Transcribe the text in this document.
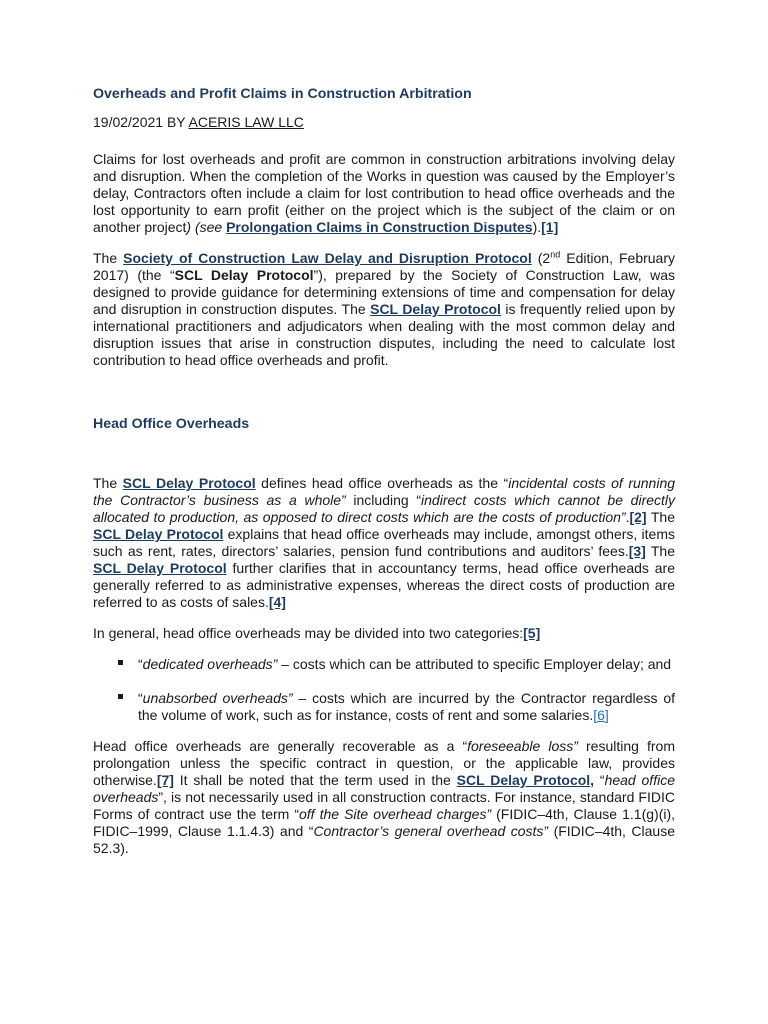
Overheads and Profit Claims in Construction Arbitration
19/02/2021 BY ACERIS LAW LLC

Claims for lost overheads and profit are common in construction arbitrations involving delay and disruption. When the completion of the Works in question was caused by the Employer’s delay, Contractors often include a claim for lost contribution to head office overheads and the lost opportunity to earn profit (either on the project which is the subject of the claim or on another project) (see Prolongation Claims in Construction Disputes).[1]

The Society of Construction Law Delay and Disruption Protocol (2nd Edition, February 2017) (the “SCL Delay Protocol”), prepared by the Society of Construction Law, was designed to provide guidance for determining extensions of time and compensation for delay and disruption in construction disputes. The SCL Delay Protocol is frequently relied upon by international practitioners and adjudicators when dealing with the most common delay and disruption issues that arise in construction disputes, including the need to calculate lost contribution to head office overheads and profit.

Head Office Overheads

The SCL Delay Protocol defines head office overheads as the “incidental costs of running the Contractor’s business as a whole” including “indirect costs which cannot be directly allocated to production, as opposed to direct costs which are the costs of production”.[2] The SCL Delay Protocol explains that head office overheads may include, amongst others, items such as rent, rates, directors’ salaries, pension fund contributions and auditors’ fees.[3] The SCL Delay Protocol further clarifies that in accountancy terms, head office overheads are generally referred to as administrative expenses, whereas the direct costs of production are referred to as costs of sales.[4]

In general, head office overheads may be divided into two categories:[5]

“dedicated overheads” – costs which can be attributed to specific Employer delay; and
“unabsorbed overheads” – costs which are incurred by the Contractor regardless of the volume of work, such as for instance, costs of rent and some salaries.[6]

Head office overheads are generally recoverable as a “foreseeable loss” resulting from prolongation unless the specific contract in question, or the applicable law, provides otherwise.[7] It shall be noted that the term used in the SCL Delay Protocol, “head office overheads”, is not necessarily used in all construction contracts. For instance, standard FIDIC Forms of contract use the term “off the Site overhead charges” (FIDIC–4th, Clause 1.1(g)(i), FIDIC–1999, Clause 1.1.4.3) and “Contractor’s general overhead costs” (FIDIC–4th, Clause 52.3).
